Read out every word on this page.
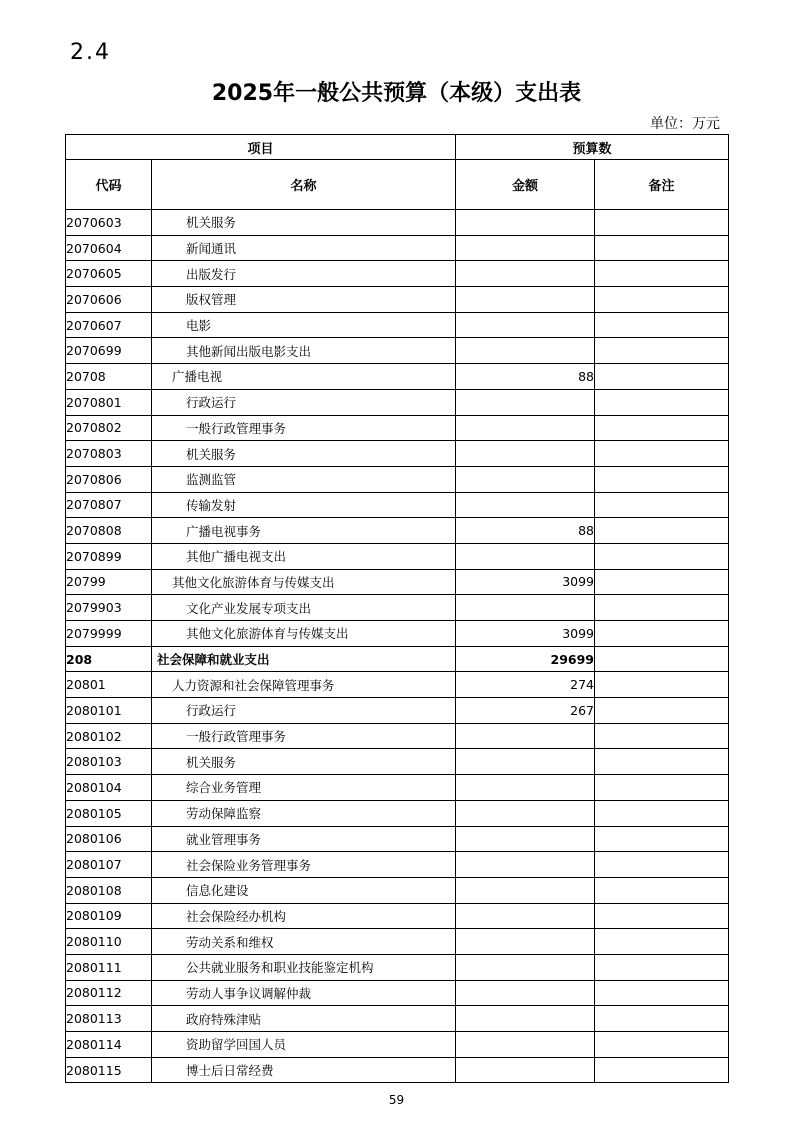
2.4
2025年一般公共预算（本级）支出表
单位：万元
项目		预算数	
代码	名称	金额	备注
2070603	机关服务		
2070604	新闻通讯		
2070605	出版发行		
2070606	版权管理		
2070607	电影		
2070699	其他新闻出版电影支出		
20708	广播电视	88	
2070801	行政运行		
2070802	一般行政管理事务		
2070803	机关服务		
2070806	监测监管		
2070807	传输发射		
2070808	广播电视事务	88	
2070899	其他广播电视支出		
20799	其他文化旅游体育与传媒支出	3099	
2079903	文化产业发展专项支出		
2079999	其他文化旅游体育与传媒支出	3099	
208	社会保障和就业支出	29699	
20801	人力资源和社会保障管理事务	274	
2080101	行政运行	267	
2080102	一般行政管理事务		
2080103	机关服务		
2080104	综合业务管理		
2080105	劳动保障监察		
2080106	就业管理事务		
2080107	社会保险业务管理事务		
2080108	信息化建设		
2080109	社会保险经办机构		
2080110	劳动关系和维权		
2080111	公共就业服务和职业技能鉴定机构		
2080112	劳动人事争议调解仲裁		
2080113	政府特殊津贴		
2080114	资助留学回国人员		
2080115	博士后日常经费		
59
